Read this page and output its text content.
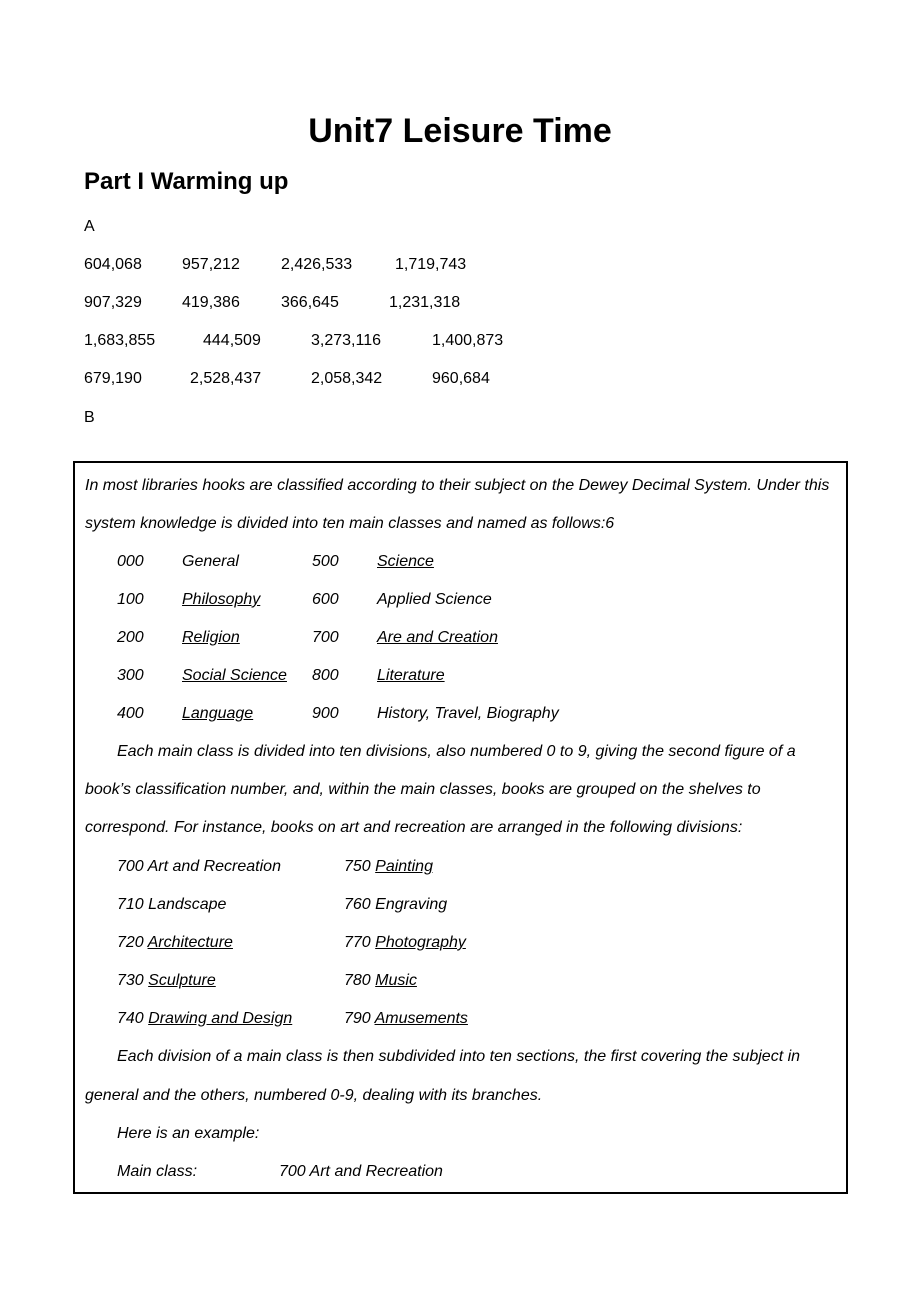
Unit7 Leisure Time
Part I Warming up
A
604,068	957,212	2,426,533	1,719,743
907,329	419,386	366,645	1,231,318
1,683,855	444,509	3,273,116	1,400,873
679,190	2,528,437	2,058,342	960,684
B
In most libraries hooks are classified according to their subject on the Dewey Decimal System. Under this
system knowledge is divided into ten main classes and named as follows:6
000 General	500 Science
100 Philosophy	600 Applied Science
200 Religion	700 Are and Creation
300 Social Science 800 Literature
400 Language	900 History, Travel, Biography
Each main class is divided into ten divisions, also numbered 0 to 9, giving the second figure of a
book’s classification number, and, within the main classes, books are grouped on the shelves to
correspond. For instance, books on art and recreation are arranged in the following divisions:
700 Art and Recreation	750 Painting
710 Landscape	760 Engraving
720 Architecture	770 Photography
730 Sculpture	780 Music
740 Drawing and Design	790 Amusements
Each division of a main class is then subdivided into ten sections, the first covering the subject in
general and the others, numbered 0-9, dealing with its branches.
Here is an example:
Main class:	700 Art and Recreation
